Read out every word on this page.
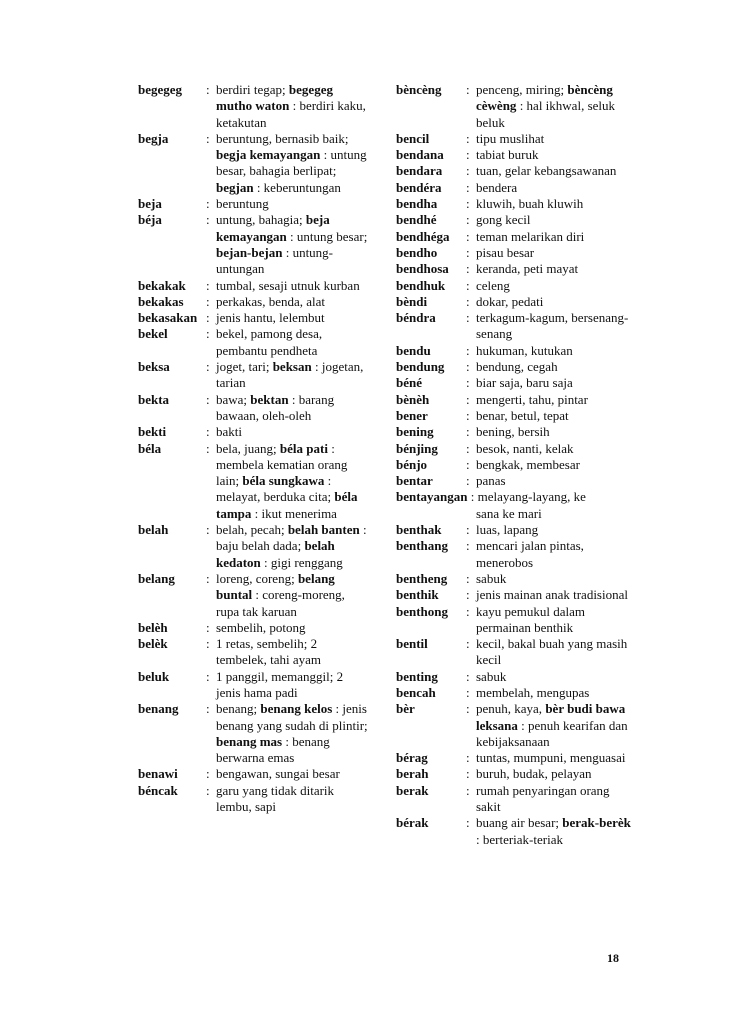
begegeg	: berdiri tegap; begegeg mutho waton : berdiri kaku, ketakutan
begja	: beruntung, bernasib baik; begja kemayangan : untung besar, bahagia berlipat; begjan : keberuntungan
beja	: beruntung
béja	: untung, bahagia; beja kemayangan : untung besar; bejan-bejan : untung-untungan
bekakak	: tumbal, sesaji utnuk kurban
bekakas	: perkakas, benda, alat
bekasakan : jenis hantu, lelembut
bekel	: bekel, pamong desa, pembantu pendheta
beksa	: joget, tari; beksan : jogetan, tarian
bekta	: bawa; bektan : barang bawaan, oleh-oleh
bekti	: bakti
béla	: bela, juang; béla pati : membela kematian orang lain; béla sungkawa : melayat, berduka cita; béla tampa : ikut menerima
belah	: belah, pecah; belah banten : baju belah dada; belah kedaton : gigi renggang
belang	: loreng, coreng; belang buntal : coreng-moreng, rupa tak karuan
belèh	: sembelih, potong
belèk	: 1 retas, sembelih; 2 tembelek, tahi ayam
beluk	: 1 panggil, memanggil; 2 jenis hama padi
benang	: benang; benang kelos : jenis benang yang sudah di plintir; benang mas : benang berwarna emas
benawi	: bengawan, sungai besar
béncak	: garu yang tidak ditarik lembu, sapi
bèncèng	: penceng, miring; bèncèng cèwèng : hal ikhwal, seluk beluk
bencil	: tipu muslihat
bendana	: tabiat buruk
bendara	: tuan, gelar kebangsawanan
bendéra	: bendera
bendha	: kluwih, buah kluwih
bendhé	: gong kecil
bendhéga	: teman melarikan diri
bendho	: pisau besar
bendhosa	: keranda, peti mayat
bendhuk	: celeng
bèndi	: dokar, pedati
béndra	: terkagum-kagum, bersenang-senang
bendu	: hukuman, kutukan
bendung	: bendung, cegah
béné	: biar saja, baru saja
bènèh	: mengerti, tahu, pintar
bener	: benar, betul, tepat
bening	: bening, bersih
bénjing	: besok, nanti, kelak
bénjo	: bengkak, membesar
bentar	: panas
bentayangan : melayang-layang, ke
sana ke mari
benthak	: luas, lapang
benthang	: mencari jalan pintas, menerobos
bentheng	: sabuk
benthik	: jenis mainan anak tradisional
benthong	: kayu pemukul dalam permainan benthik
bentil	: kecil, bakal buah yang masih kecil
benting	: sabuk
bencah	: membelah, mengupas
bèr	: penuh, kaya, bèr budi bawa leksana : penuh kearifan dan kebijaksanaan
bérag	: tuntas, mumpuni, menguasai
berah	: buruh, budak, pelayan
berak	: rumah penyaringan orang sakit
bérak	: buang air besar; berak-berèk : berteriak-teriak
18
